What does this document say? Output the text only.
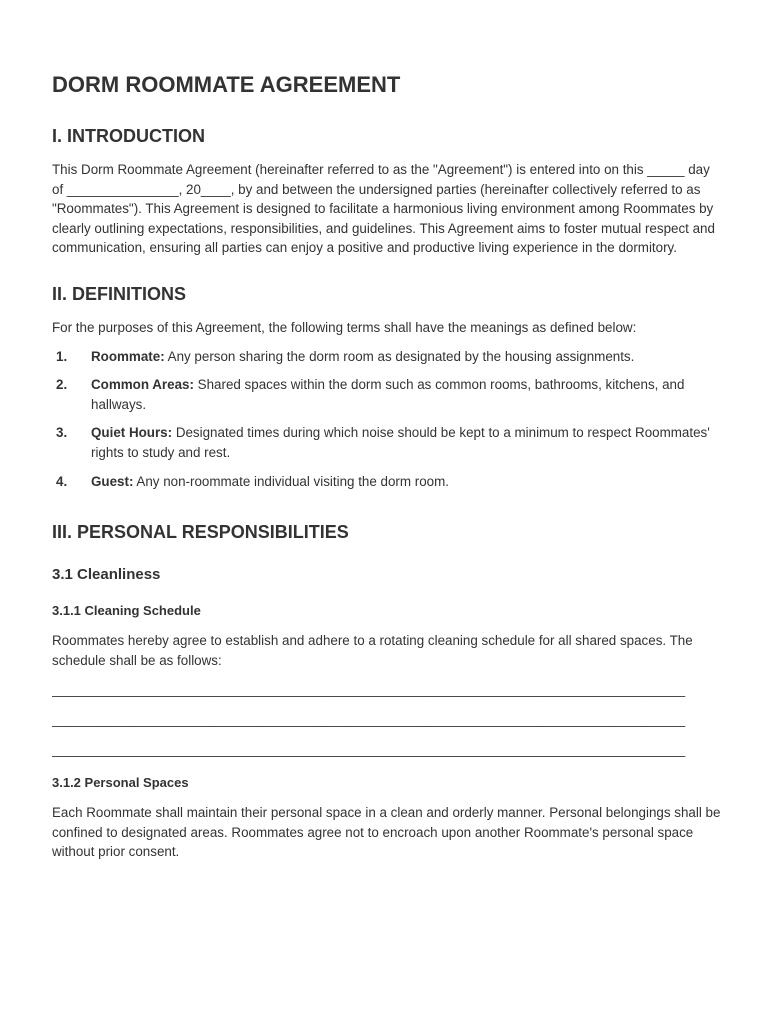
DORM ROOMMATE AGREEMENT
I. INTRODUCTION

This Dorm Roommate Agreement (hereinafter referred to as the "Agreement") is entered into on this _____ day of _______________, 20____, by and between the undersigned parties (hereinafter collectively referred to as "Roommates"). This Agreement is designed to facilitate a harmonious living environment among Roommates by clearly outlining expectations, responsibilities, and guidelines. This Agreement aims to foster mutual respect and communication, ensuring all parties can enjoy a positive and productive living experience in the dormitory.

II. DEFINITIONS

For the purposes of this Agreement, the following terms shall have the meanings as defined below:

1. Roommate: Any person sharing the dorm room as designated by the housing assignments.
2. Common Areas: Shared spaces within the dorm such as common rooms, bathrooms, kitchens, and hallways.
3. Quiet Hours: Designated times during which noise should be kept to a minimum to respect Roommates' rights to study and rest.
4. Guest: Any non-roommate individual visiting the dorm room.
III. PERSONAL RESPONSIBILITIES
3.1 Cleanliness
3.1.1 Cleaning Schedule

Roommates hereby agree to establish and adhere to a rotating cleaning schedule for all shared spaces. The schedule shall be as follows:

_____________________________________________________________________________________
_____________________________________________________________________________________
_____________________________________________________________________________________
3.1.2 Personal Spaces

Each Roommate shall maintain their personal space in a clean and orderly manner. Personal belongings shall be confined to designated areas. Roommates agree not to encroach upon another Roommate's personal space without prior consent.
